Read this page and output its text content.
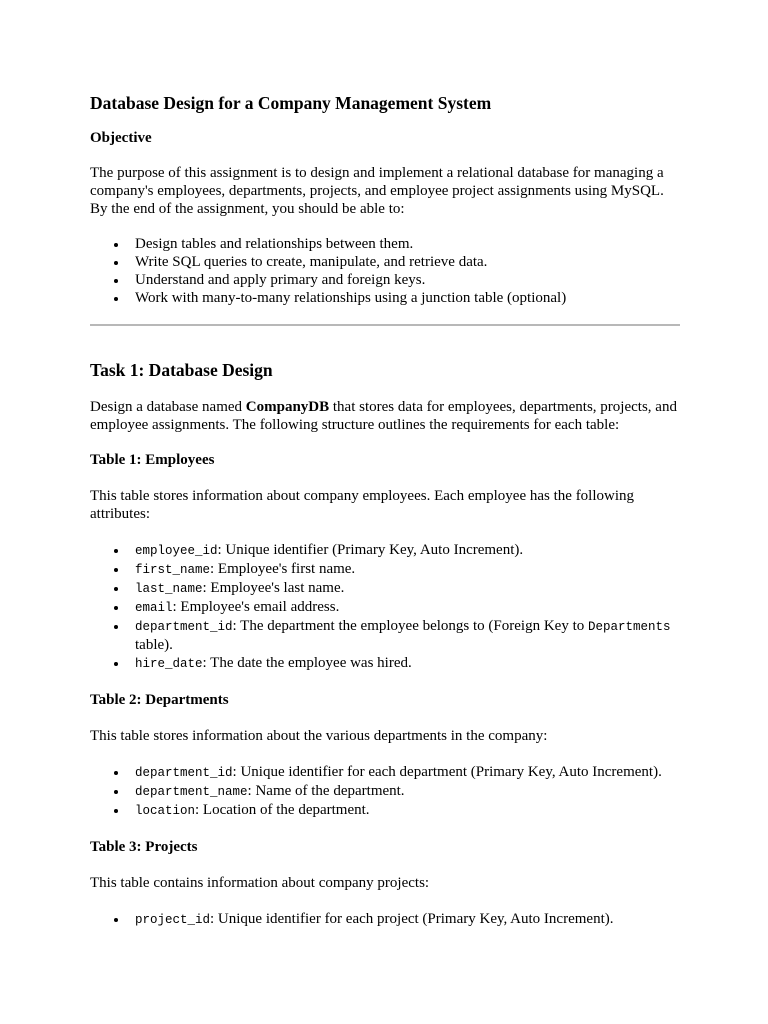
Database Design for a Company Management System
Objective

The purpose of this assignment is to design and implement a relational database for managing a company's employees, departments, projects, and employee project assignments using MySQL. By the end of the assignment, you should be able to:

Design tables and relationships between them.
Write SQL queries to create, manipulate, and retrieve data.
Understand and apply primary and foreign keys.
Work with many-to-many relationships using a junction table (optional)
Task 1: Database Design

Design a database named CompanyDB that stores data for employees, departments, projects, and employee assignments. The following structure outlines the requirements for each table:

Table 1: Employees

This table stores information about company employees. Each employee has the following attributes:

employee_id: Unique identifier (Primary Key, Auto Increment).
first_name: Employee's first name.
last_name: Employee's last name.
email: Employee's email address.
department_id: The department the employee belongs to (Foreign Key to Departments table).
hire_date: The date the employee was hired.
Table 2: Departments

This table stores information about the various departments in the company:

department_id: Unique identifier for each department (Primary Key, Auto Increment).
department_name: Name of the department.
location: Location of the department.
Table 3: Projects

This table contains information about company projects:

project_id: Unique identifier for each project (Primary Key, Auto Increment).
